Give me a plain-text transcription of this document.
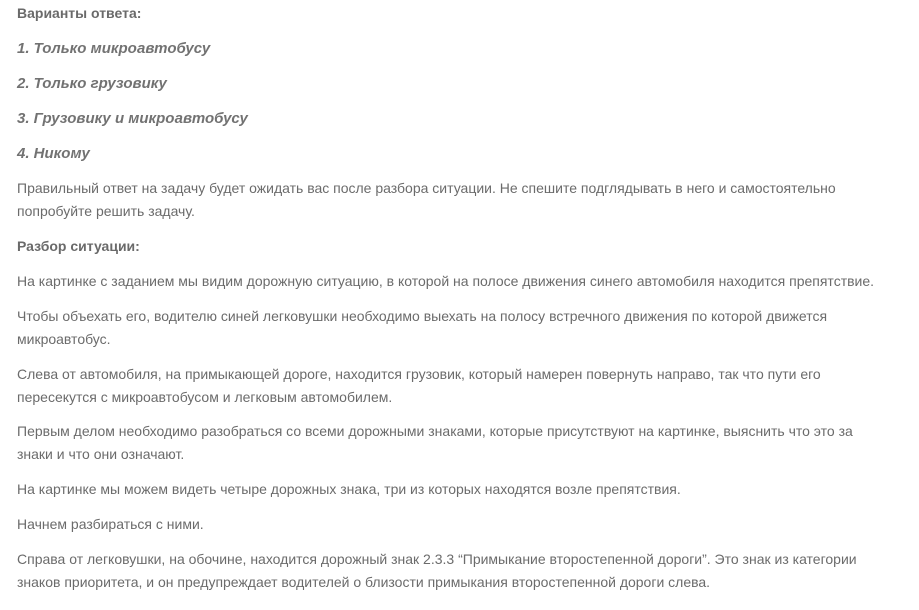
Варианты ответа:
1. Только микроавтобусу
2. Только грузовику
3. Грузовику и микроавтобусу
4. Никому
Правильный ответ на задачу будет ожидать вас после разбора ситуации. Не спешите подглядывать в него и самостоятельно
попробуйте решить задачу.
Разбор ситуации:
На картинке с заданием мы видим дорожную ситуацию, в которой на полосе движения синего автомобиля находится препятствие.
Чтобы объехать его, водителю синей легковушки необходимо выехать на полосу встречного движения по которой движется
микроавтобус.
Слева от автомобиля, на примыкающей дороге, находится грузовик, который намерен повернуть направо, так что пути его
пересекутся с микроавтобусом и легковым автомобилем.
Первым делом необходимо разобраться со всеми дорожными знаками, которые присутствуют на картинке, выяснить что это за
знаки и что они означают.
На картинке мы можем видеть четыре дорожных знака, три из которых находятся возле препятствия.
Начнем разбираться с ними.
Справа от легковушки, на обочине, находится дорожный знак 2.3.3 “Примыкание второстепенной дороги”. Это знак из категории
знаков приоритета, и он предупреждает водителей о близости примыкания второстепенной дороги слева.
